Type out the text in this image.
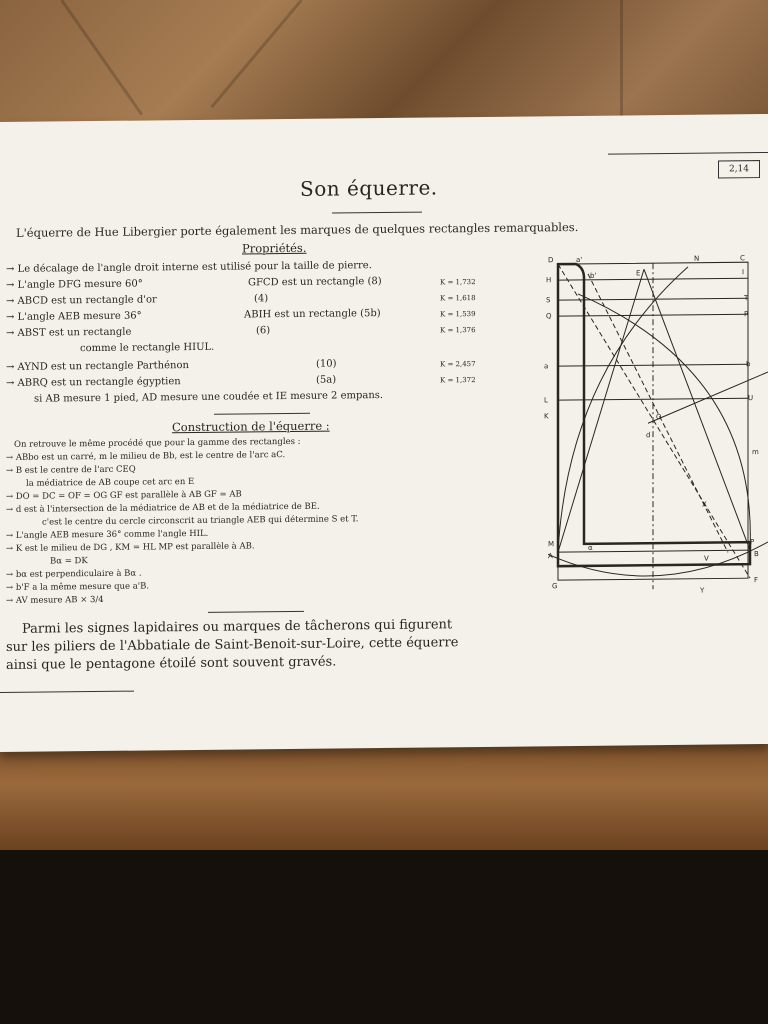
2,14
Son équerre.
L'équerre de Hue Libergier porte également les marques de quelques rectangles remarquables.
Propriétés.
→ Le décalage de l'angle droit interne est utilisé pour la taille de pierre.
→ L'angle DFG mesure 60°	GFCD est un rectangle (8)	K = 1,732
→ ABCD est un rectangle d'or	(4)	K = 1,618
→ L'angle AEB mesure 36°	ABIH est un rectangle (5b)	K = 1,539
→ ABST est un rectangle	(6)	K = 1,376
comme le rectangle HIUL.
→ AYND est un rectangle Parthénon	(10)	K = 2,457
→ ABRQ est un rectangle égyptien	(5a)	K = 1,372
si AB mesure 1 pied, AD mesure une coudée et IE mesure 2 empans.
Construction de l'équerre :
On retrouve le même procédé que pour la gamme des rectangles :
→ ABbo est un carré, m le milieu de Bb, est le centre de l'arc aC.
→ B est le centre de l'arc CEQ
la médiatrice de AB coupe cet arc en E
→ DO = DC = OF = OG GF est parallèle à AB GF = AB
→ d est à l'intersection de la médiatrice de AB et de la médiatrice de BE.
c'est le centre du cercle circonscrit au triangle AEB qui détermine S et T.
→ L'angle AEB mesure 36° comme l'angle HIL.
→ K est le milieu de DG , KM = HL MP est parallèle à AB.
Bα = DK
→ bα est perpendiculaire à Bα .
→ b'F a la même mesure que a'B.
→ AV mesure AB × 3/4
Parmi les signes lapidaires ou marques de tâcherons qui figurent
sur les piliers de l'Abbatiale de Saint-Benoit-sur-Loire, cette équerre
ainsi que le pentagone étoilé sont souvent gravés.
D	a'	N	C
H
b'	E	I
S	T
Q	R
a	b
L	U
K	O
d
m
M	α
P
A	V
B
G
F
X
Y
